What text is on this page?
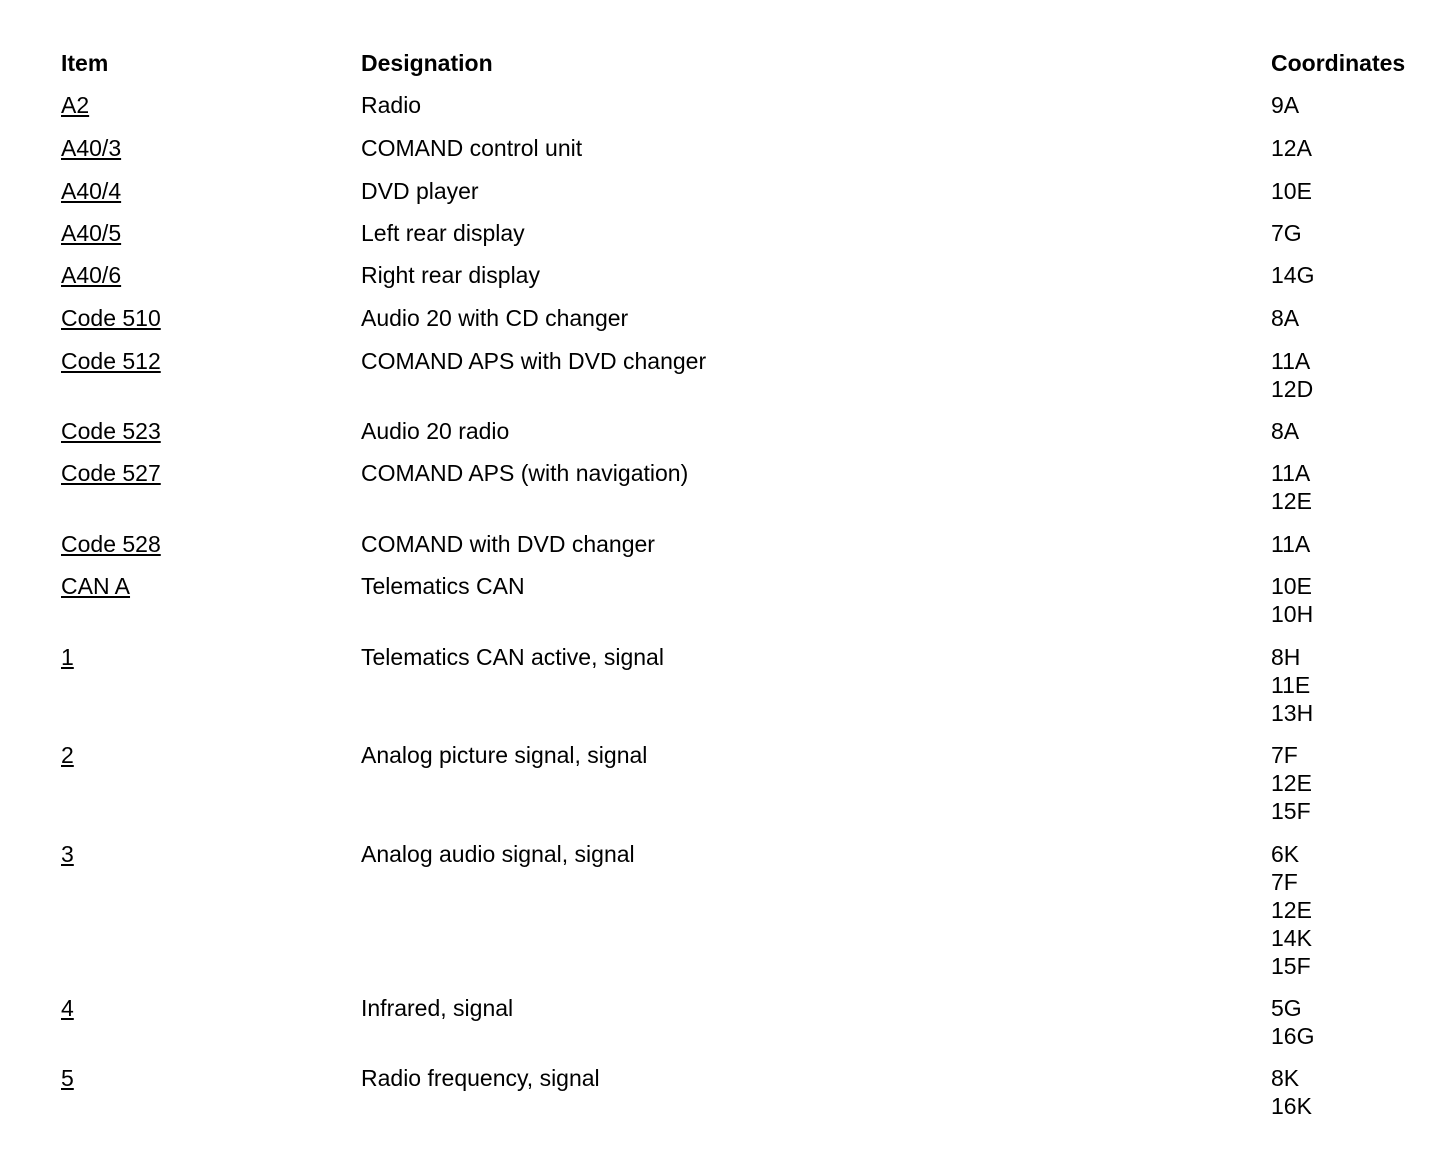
Item	Designation	Coordinates
A2	Radio	9A
A40/3	COMAND control unit	12A
A40/4	DVD player	10E
A40/5	Left rear display	7G
A40/6	Right rear display	14G
Code 510	Audio 20 with CD changer	8A
Code 512	COMAND APS with DVD changer	11A
12D
Code 523	Audio 20 radio	8A
Code 527	COMAND APS (with navigation)	11A
12E
Code 528	COMAND with DVD changer	11A
CAN A	Telematics CAN	10E
10H
1	Telematics CAN active, signal	8H
11E
13H
2	Analog picture signal, signal	7F
12E
15F
3	Analog audio signal, signal	6K
7F
12E
14K
15F
4	Infrared, signal	5G
16G
5	Radio frequency, signal	8K
16K
